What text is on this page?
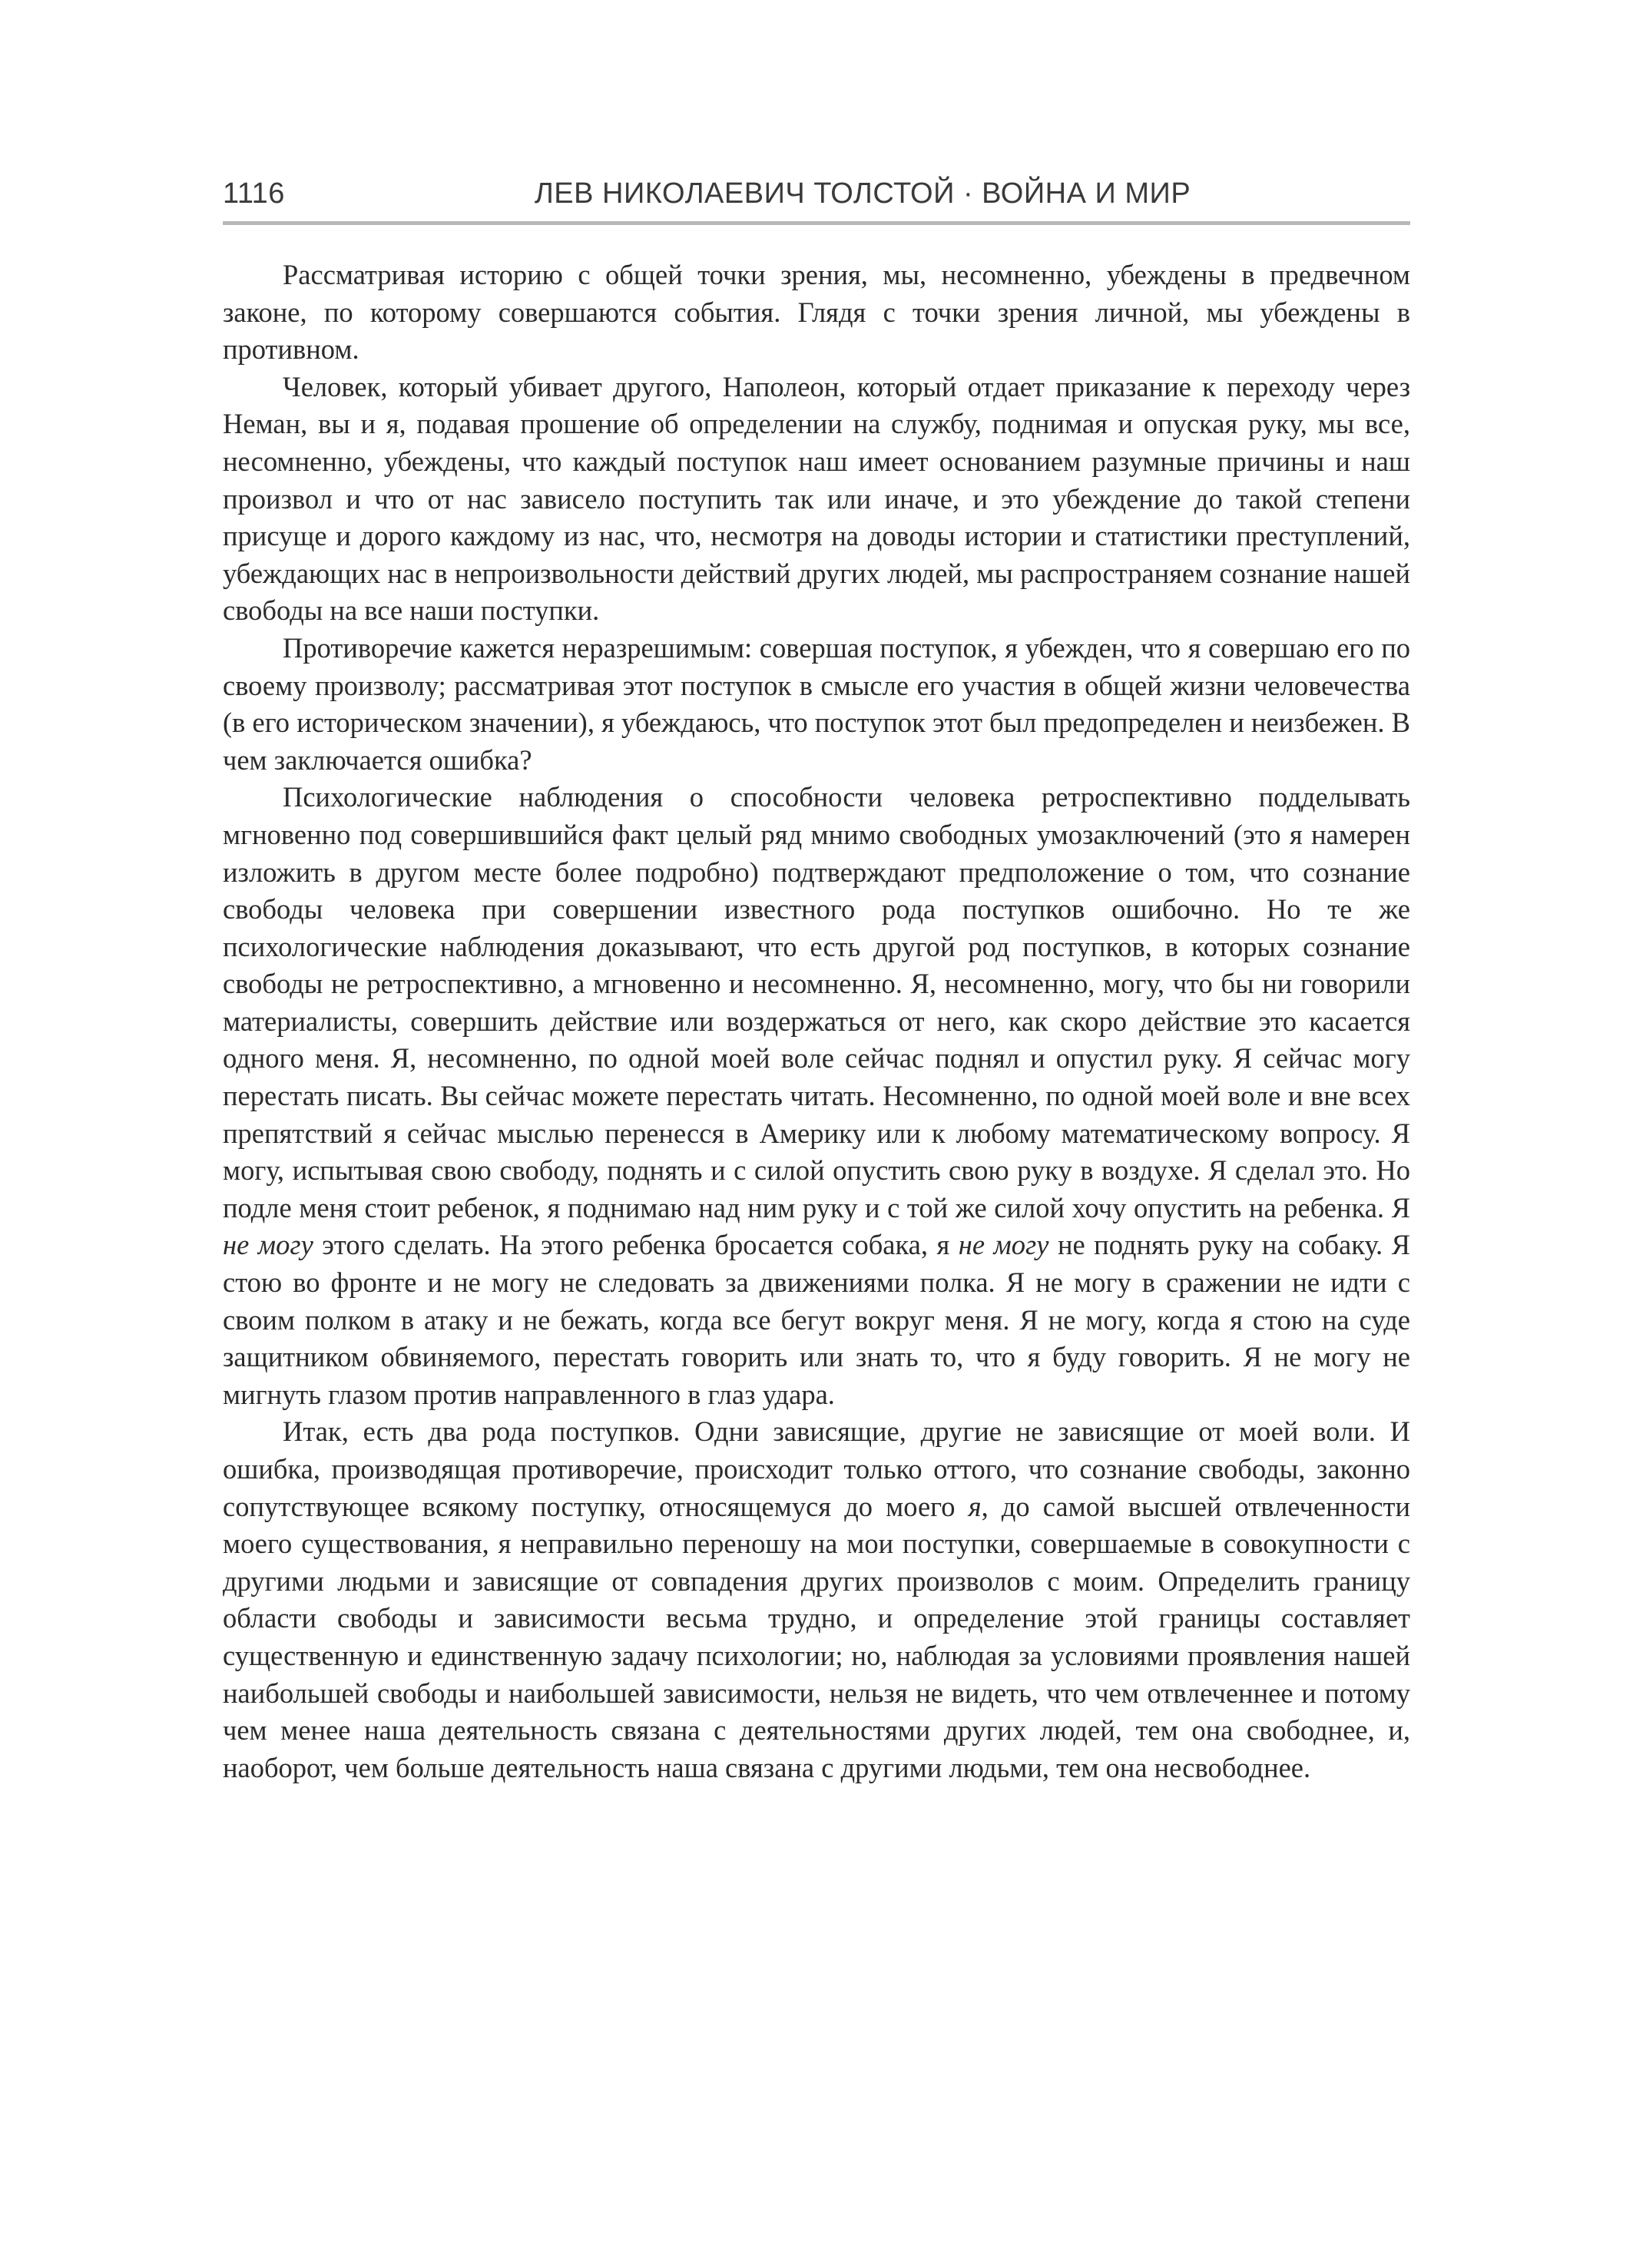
1116	ЛЕВ НИКОЛАЕВИЧ ТОЛСТОЙ · ВОЙНА И МИР

Рассматривая историю с общей точки зрения, мы, несомненно, убеждены в предвечном законе, по которому совершаются события. Глядя с точки зрения личной, мы убеждены в противном.

Человек, который убивает другого, Наполеон, который отдает приказание к переходу через Неман, вы и я, подавая прошение об определении на службу, поднимая и опуская руку, мы все, несомненно, убеждены, что каждый поступок наш имеет основанием разумные причины и наш произвол и что от нас зависело поступить так или иначе, и это убеждение до такой степени присуще и дорого каждому из нас, что, несмотря на доводы истории и статистики преступлений, убеждающих нас в непроизвольности действий других людей, мы распространяем сознание нашей свободы на все наши поступки.

Противоречие кажется неразрешимым: совершая поступок, я убежден, что я совершаю его по своему произволу; рассматривая этот поступок в смысле его участия в общей жизни человечества (в его историческом значении), я убеждаюсь, что поступок этот был предопределен и неизбежен. В чем заключается ошибка?

Психологические наблюдения о способности человека ретроспективно подделывать мгновенно под совершившийся факт целый ряд мнимо свободных умозаключений (это я намерен изложить в другом месте более подробно) подтверждают предположение о том, что сознание свободы человека при совершении известного рода поступков ошибочно. Но те же психологические наблюдения доказывают, что есть другой род поступков, в которых сознание свободы не ретроспективно, а мгновенно и несомненно. Я, несомненно, могу, что бы ни говорили материалисты, совершить действие или воздержаться от него, как скоро действие это касается одного меня. Я, несомненно, по одной моей воле сейчас поднял и опустил руку. Я сейчас могу перестать писать. Вы сейчас можете перестать читать. Несомненно, по одной моей воле и вне всех препятствий я сейчас мыслью перенесся в Америку или к любому математическому вопросу. Я могу, испытывая свою свободу, поднять и с силой опустить свою руку в воздухе. Я сделал это. Но подле меня стоит ребенок, я поднимаю над ним руку и с той же силой хочу опустить на ребенка. Я не могу этого сделать. На этого ребенка бросается собака, я не могу не поднять руку на собаку. Я стою во фронте и не могу не следовать за движениями полка. Я не могу в сражении не идти с своим полком в атаку и не бежать, когда все бегут вокруг меня. Я не могу, когда я стою на суде защитником обвиняемого, перестать говорить или знать то, что я буду говорить. Я не могу не мигнуть глазом против направленного в глаз удара.

Итак, есть два рода поступков. Одни зависящие, другие не зависящие от моей воли. И ошибка, производящая противоречие, происходит только оттого, что сознание свободы, законно сопутствующее всякому поступку, относящемуся до моего я, до самой высшей отвлеченности моего существования, я неправильно переношу на мои поступки, совершаемые в совокупности с другими людьми и зависящие от совпадения других произволов с моим. Определить границу области свободы и зависимости весьма трудно, и определение этой границы составляет существенную и единственную задачу психологии; но, наблюдая за условиями проявления нашей наибольшей свободы и наибольшей зависимости, нельзя не видеть, что чем отвлеченнее и потому чем менее наша деятельность связана с деятельностями других людей, тем она свободнее, и, наоборот, чем больше деятельность наша связана с другими людьми, тем она несвободнее.
